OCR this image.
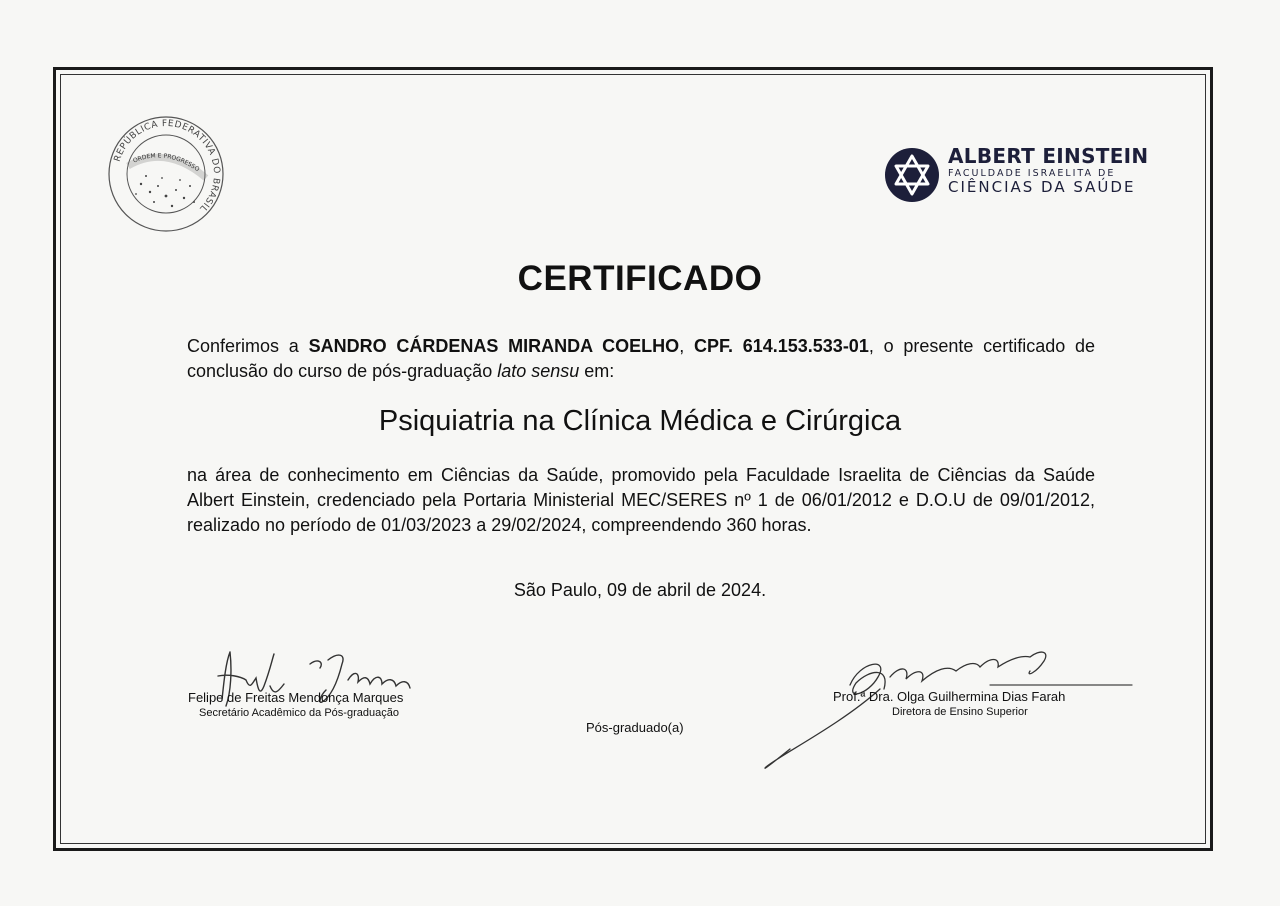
REPÚBLICA FEDERATIVA DO BRASIL
ORDEM E PROGRESSO
ALBERT EINSTEIN
FACULDADE ISRAELITA DE
CIÊNCIAS DA SAÚDE
CERTIFICADO
Conferimos a SANDRO CÁRDENAS MIRANDA COELHO, CPF. 614.153.533-01, o presente certificado de conclusão do curso de pós-graduação lato sensu em:
Psiquiatria na Clínica Médica e Cirúrgica
na área de conhecimento em Ciências da Saúde, promovido pela Faculdade Israelita de Ciências da Saúde Albert Einstein, credenciado pela Portaria Ministerial MEC/SERES nº 1 de 06/01/2012 e D.O.U de 09/01/2012, realizado no período de 01/03/2023 a 29/02/2024, compreendendo 360 horas.
São Paulo, 09 de abril de 2024.
Felipe de Freitas Mendonça Marques
Secretário Acadêmico da Pós-graduação
Prof.ª Dra. Olga Guilhermina Dias Farah
Diretora de Ensino Superior
Pós-graduado(a)
